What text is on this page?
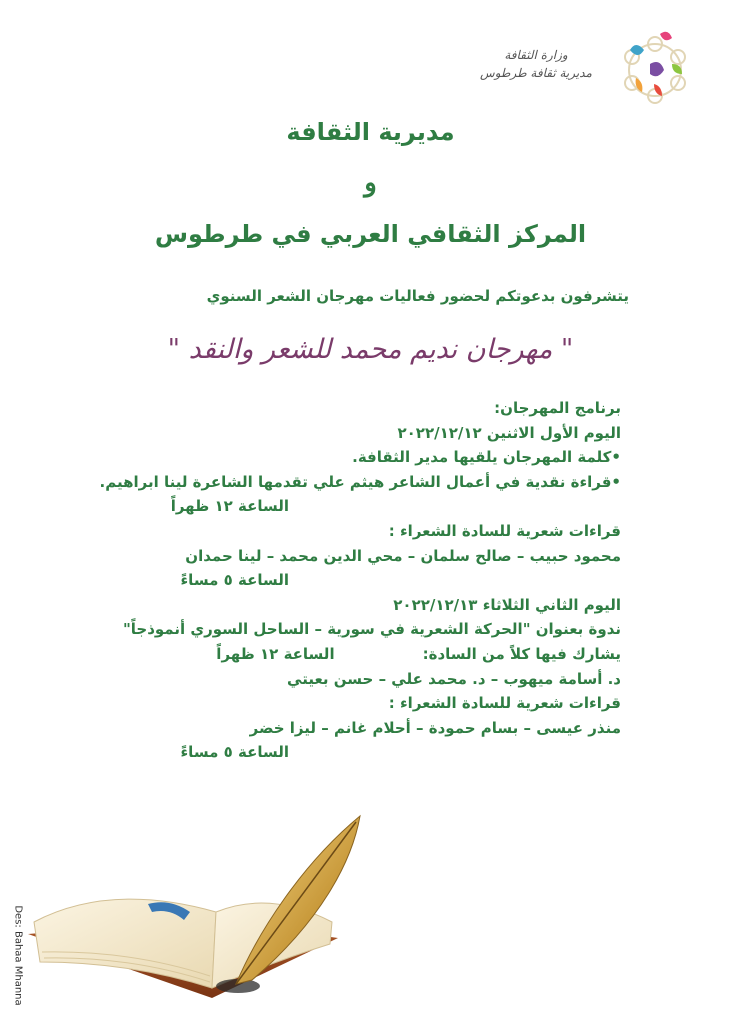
وزارة الثقافة
مديرية ثقافة طرطوس
مديرية الثقافة
و
المركز الثقافي العربي في طرطوس
يتشرفون بدعوتكم لحضور فعاليات مهرجان الشعر السنوي
" مهرجان نديم محمد للشعر والنقد "
برنامج المهرجان:
اليوم الأول الاثنين ٢٠٢٢/١٢/١٢
•كلمة المهرجان يلقيها مدير الثقافة.
•قراءة نقدية في أعمال الشاعر هيثم علي تقدمها الشاعرة لينا ابراهيم.
الساعة ١٢ ظهراً
قراءات شعرية للسادة الشعراء :
محمود حبيب – صالح سلمان – محي الدين محمد – لينا حمدان
الساعة ٥ مساءً
اليوم الثاني الثلاثاء ٢٠٢٢/١٢/١٣
ندوة بعنوان "الحركة الشعرية في سورية – الساحل السوري أنموذجاً"
يشارك فيها كلاً من السادة:الساعة ١٢ ظهراً
د. أسامة ميهوب – د. محمد علي – حسن بعيتي
قراءات شعرية للسادة الشعراء :
منذر عيسى – بسام حمودة – أحلام غانم – ليزا خضر
الساعة ٥ مساءً
Des: Bahaa Mhanna
